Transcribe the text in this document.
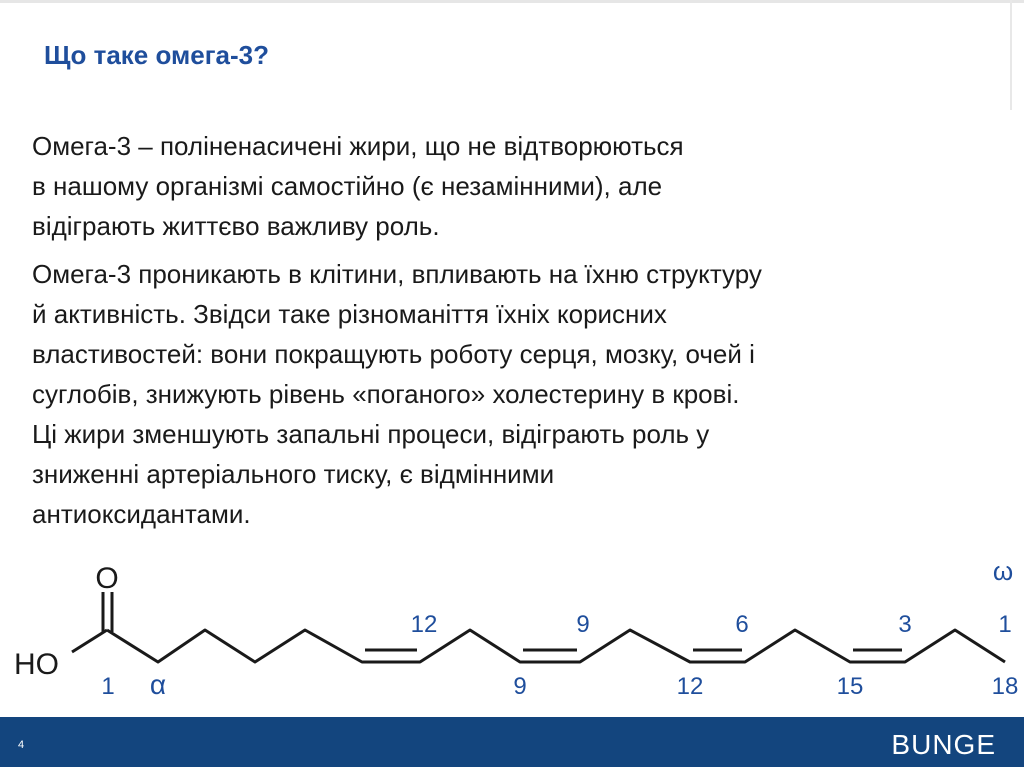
Що таке омега-3?

Омега-3 – поліненасичені жири, що не відтворюються
в нашому організмі самостійно (є незамінними), але
відіграють життєво важливу роль.

Омега-3 проникають в клітини, впливають на їхню структуру
й активність. Звідси таке різноманіття їхніх корисних
властивостей: вони покращують роботу серця, мозку, очей і
суглобів, знижують рівень «поганого» холестерину в крові.
Ці жири зменшують запальні процеси, відіграють роль у
зниженні артеріального тиску, є відмінними
антиоксидантами.

O
HO
1 α	9	12	15	18
12	9	6	3	1
ω
4	BUNGE
